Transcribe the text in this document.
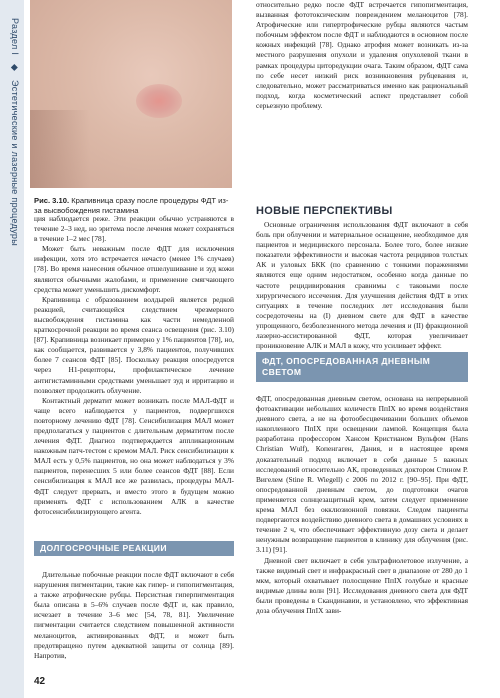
Раздел I ◆ Эстетические и лазерные процедуры Рис. 3.10. Крапивница сразу после процедуры ФДТ из-за высвобождения гистамина

ция наблюдается реже. Эти реакции обычно устраняются в течение 2–3 нед, но эритема после лечения может сохраняться в течение 1–2 мес [78].

Может быть неважным после ФДТ для исключения инфекции, хотя это встречается нечасто (менее 1% случаев) [78]. Во время нанесения обычное отшелушивание и зуд кожи являются обычными жалобами, и применение смягчающего средства может уменьшить дискомфорт.

Крапивница с образованием волдырей является редкой реакцией, считающейся следствием чрезмерного высвобождения гистамина как части немедленной краткосрочной реакции во время сеанса освещения (рис. 3.10) [87]. Крапивница возникает примерно у 1% пациентов [78], но, как сообщается, развивается у 3,8% пациентов, получивших более 7 сеансов ФДТ [85]. Поскольку реакция опосредуется через H1-рецепторы, профилактическое лечение антигистаминными средствами уменьшает зуд и ирритацию и позволяет продолжить облучение.

Контактный дерматит может возникать после МАЛ-ФДТ и чаще всего наблюдается у пациентов, подвергшихся повторному лечению ФДТ [78]. Сенсибилизация МАЛ может предполагаться у пациентов с длительным дерматитом после лечения ФДТ. Диагноз подтверждается аппликационным накожным патч-тестом с кремом МАЛ. Риск сенсибилизации к МАЛ есть у 0,5% пациентов, но она может наблюдаться у 3% пациентов, перенесших 5 или более сеансов ФДТ [88]. Если сенсибилизация к МАЛ все же развилась, процедуры МАЛ-ФДТ следует прервать, и вместо этого в будущем можно применять ФДТ с использованием АЛК в качестве фотосенсибилизирующего агента.

ДОЛГОСРОЧНЫЕ РЕАКЦИИ

Длительные побочные реакции после ФДТ включают в себя нарушения пигментации, такие как гипер- и гипопигментация, а также атрофические рубцы. Персистная гиперпигментация была описана в 5–6% случаев после ФДТ и, как правило, исчезает в течение 3–6 мес [54, 78, 81]. Увеличение пигментации считается следствием повышенной активности меланоцитов, активированных ФДТ, и может быть предотвращено путем адекватной защиты от солнца [89]. Напротив,

относительно редко после ФДТ встречается гипопигментация, вызванная фототоксическим повреждением меланоцитов [78]. Атрофические или гипертрофические рубцы являются частым побочным эффектом после ФДТ и наблюдаются в основном после кожных инфекций [78]. Однако атрофия может возникать из-за местного разрушения опухоли и удаления опухолевой ткани в рамках процедуры циторедукции очага. Таким образом, ФДТ сама по себе несет низкий риск возникновения рубцевания и, следовательно, может рассматриваться именно как рациональный подход, когда косметический аспект представляет собой серьезную проблему.

НОВЫЕ ПЕРСПЕКТИВЫ

Основные ограничения использования ФДТ включают в себя боль при облучении и материальное оснащение, необходимое для пациентов и медицинского персонала. Более того, более низкие показатели эффективности и высокая частота рецидивов толстых АК и узловых БКК (по сравнению с тонкими поражениями являются еще одним недостатком, особенно когда данные по частоте рецидивирования сравнимы с таковыми после хирургического иссечения. Для улучшения действия ФДТ в этих ситуациях в течение последних лет исследования были сосредоточены на (I) дневном свете для ФДТ в качестве упрощенного, безболезненного метода лечения и (II) фракционной лазерно-ассистированной ФДТ, которая увеличивает проникновение АЛК и МАЛ в кожу, что усиливает эффект.

ФДТ, ОПОСРЕДОВАННАЯ ДНЕВНЫМ СВЕТОМ

ФДТ, опосредованная дневным светом, основана на непрерывной фотоактивации небольших количеств ПпIX во время воздействия дневного света, а не на фотообесцвечивании больших объемов накопленного ПпIX при освещении лампой. Концепция была разработана профессором Хансом Кристианом Вульфом (Hans Christian Wulf), Копенгаген, Дания, и в настоящее время доказательный подход включает в себя данные 5 важных исследований относительно АК, проведенных доктором Стином Р. Вигелем (Stine R. Wiegell) с 2006 по 2012 г. [90–95]. При ФДТ, опосредованной дневным светом, до подготовки очагов применяется солнцезащитный крем, затем следует применение крема МАЛ без окклюзионной повязки. Следом пациенты подвергаются воздействию дневного света в домашних условиях в течение 2 ч, что обеспечивает эффективную дозу света и делает ненужным возвращение пациентов в клинику для облучения (рис. 3.11) [91].

Дневной свет включает в себя ультрафиолетовое излучение, а также видимый свет и инфракрасный свет в диапазоне от 280 до 1 мкм, который охватывает полосщение ПпIX голубые и красные видимые длины волн [91]. Исследования дневного света для ФДТ были проведены в Скандинавии, и установлено, что эффективная доза облучения ПпIX зави-

42
